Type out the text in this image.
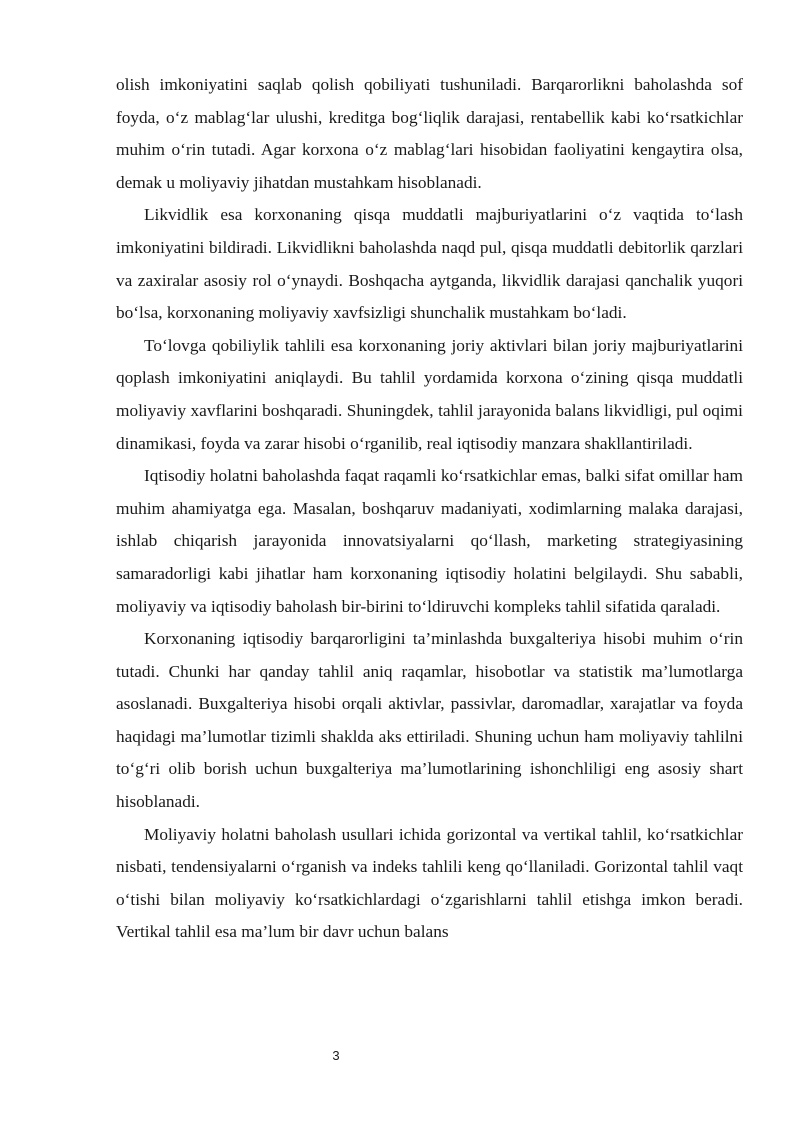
olish imkoniyatini saqlab qolish qobiliyati tushuniladi. Barqarorlikni baholashda sof foyda, o‘z mablag‘lar ulushi, kreditga bog‘liqlik darajasi, rentabellik kabi ko‘rsatkichlar muhim o‘rin tutadi. Agar korxona o‘z mablag‘lari hisobidan faoliyatini kengaytira olsa, demak u moliyaviy jihatdan mustahkam hisoblanadi.

Likvidlik esa korxonaning qisqa muddatli majburiyatlarini o‘z vaqtida to‘lash imkoniyatini bildiradi. Likvidlikni baholashda naqd pul, qisqa muddatli debitorlik qarzlari va zaxiralar asosiy rol o‘ynaydi. Boshqacha aytganda, likvidlik darajasi qanchalik yuqori bo‘lsa, korxonaning moliyaviy xavfsizligi shunchalik mustahkam bo‘ladi.

To‘lovga qobiliylik tahlili esa korxonaning joriy aktivlari bilan joriy majburiyatlarini qoplash imkoniyatini aniqlaydi. Bu tahlil yordamida korxona o‘zining qisqa muddatli moliyaviy xavflarini boshqaradi. Shuningdek, tahlil jarayonida balans likvidligi, pul oqimi dinamikasi, foyda va zarar hisobi o‘rganilib, real iqtisodiy manzara shakllantiriladi.

Iqtisodiy holatni baholashda faqat raqamli ko‘rsatkichlar emas, balki sifat omillar ham muhim ahamiyatga ega. Masalan, boshqaruv madaniyati, xodimlarning malaka darajasi, ishlab chiqarish jarayonida innovatsiyalarni qo‘llash, marketing strategiyasining samaradorligi kabi jihatlar ham korxonaning iqtisodiy holatini belgilaydi. Shu sababli, moliyaviy va iqtisodiy baholash bir-birini to‘ldiruvchi kompleks tahlil sifatida qaraladi.

Korxonaning iqtisodiy barqarorligini ta’minlashda buxgalteriya hisobi muhim o‘rin tutadi. Chunki har qanday tahlil aniq raqamlar, hisobotlar va statistik ma’lumotlarga asoslanadi. Buxgalteriya hisobi orqali aktivlar, passivlar, daromadlar, xarajatlar va foyda haqidagi ma’lumotlar tizimli shaklda aks ettiriladi. Shuning uchun ham moliyaviy tahlilni to‘g‘ri olib borish uchun buxgalteriya ma’lumotlarining ishonchliligi eng asosiy shart hisoblanadi.

Moliyaviy holatni baholash usullari ichida gorizontal va vertikal tahlil, ko‘rsatkichlar nisbati, tendensiyalarni o‘rganish va indeks tahlili keng qo‘llaniladi. Gorizontal tahlil vaqt o‘tishi bilan moliyaviy ko‘rsatkichlardagi o‘zgarishlarni tahlil etishga imkon beradi. Vertikal tahlil esa ma’lum bir davr uchun balans

3
